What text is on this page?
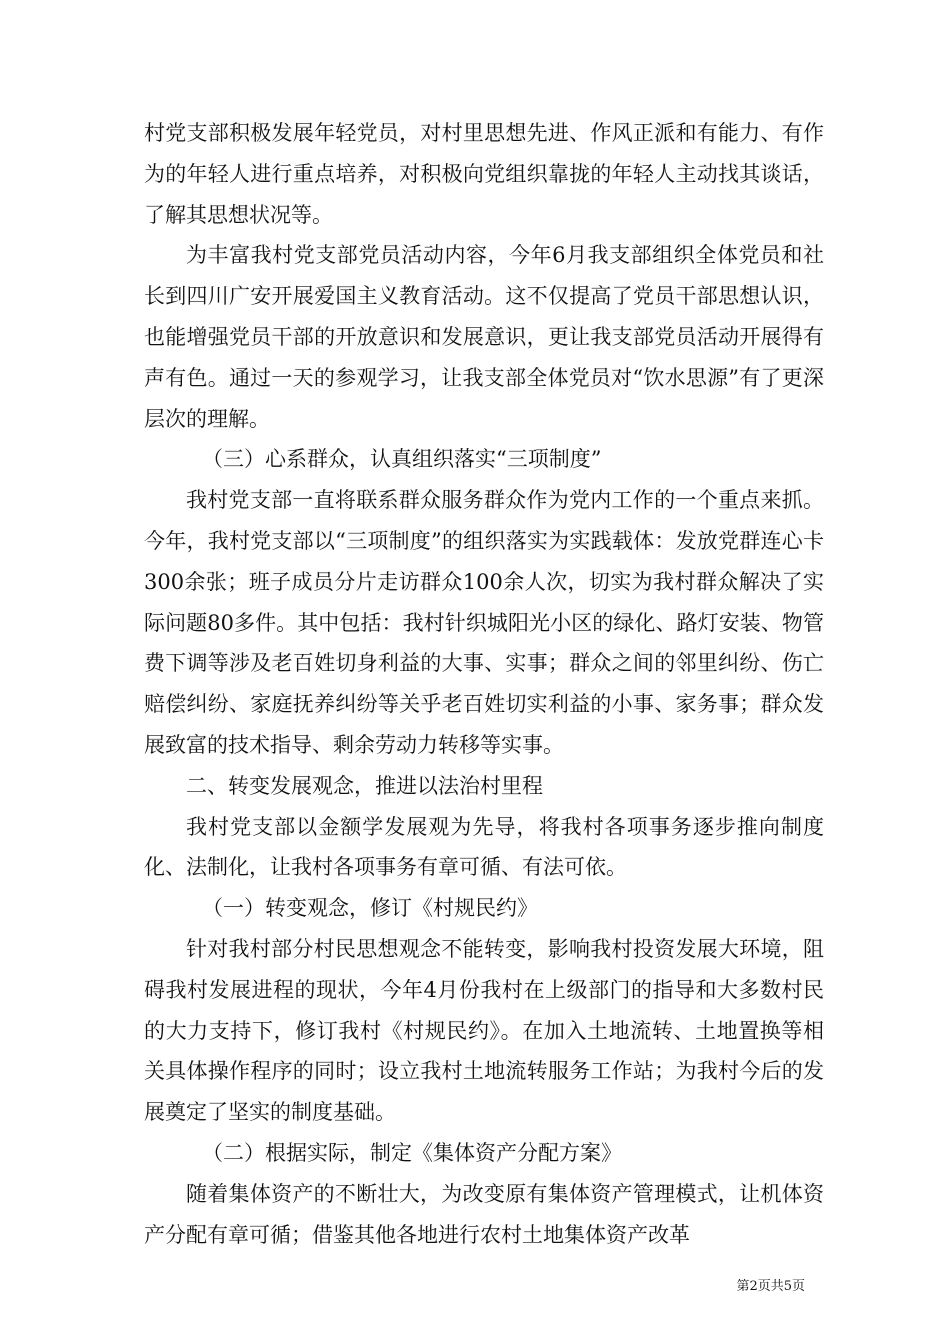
村党支部积极发展年轻党员，对村里思想先进、作风正派和有能力、有作为的年轻人进行重点培养，对积极向党组织靠拢的年轻人主动找其谈话，了解其思想状况等。

为丰富我村党支部党员活动内容，今年6月我支部组织全体党员和社长到四川广安开展爱国主义教育活动。这不仅提高了党员干部思想认识，也能增强党员干部的开放意识和发展意识，更让我支部党员活动开展得有声有色。通过一天的参观学习，让我支部全体党员对“饮水思源”有了更深层次的理解。

（三）心系群众，认真组织落实“三项制度”

我村党支部一直将联系群众服务群众作为党内工作的一个重点来抓。今年，我村党支部以“三项制度”的组织落实为实践载体：发放党群连心卡300余张；班子成员分片走访群众100余人次，切实为我村群众解决了实际问题80多件。其中包括：我村针织城阳光小区的绿化、路灯安装、物管费下调等涉及老百姓切身利益的大事、实事；群众之间的邻里纠纷、伤亡赔偿纠纷、家庭抚养纠纷等关乎老百姓切实利益的小事、家务事；群众发展致富的技术指导、剩余劳动力转移等实事。

二、转变发展观念，推进以法治村里程

我村党支部以金额学发展观为先导，将我村各项事务逐步推向制度化、法制化，让我村各项事务有章可循、有法可依。

（一）转变观念，修订《村规民约》

针对我村部分村民思想观念不能转变，影响我村投资发展大环境，阻碍我村发展进程的现状，今年4月份我村在上级部门的指导和大多数村民的大力支持下，修订我村《村规民约》。在加入土地流转、土地置换等相关具体操作程序的同时；设立我村土地流转服务工作站；为我村今后的发展奠定了坚实的制度基础。

（二）根据实际，制定《集体资产分配方案》

随着集体资产的不断壮大，为改变原有集体资产管理模式，让机体资产分配有章可循；借鉴其他各地进行农村土地集体资产改革

第2页共5页
